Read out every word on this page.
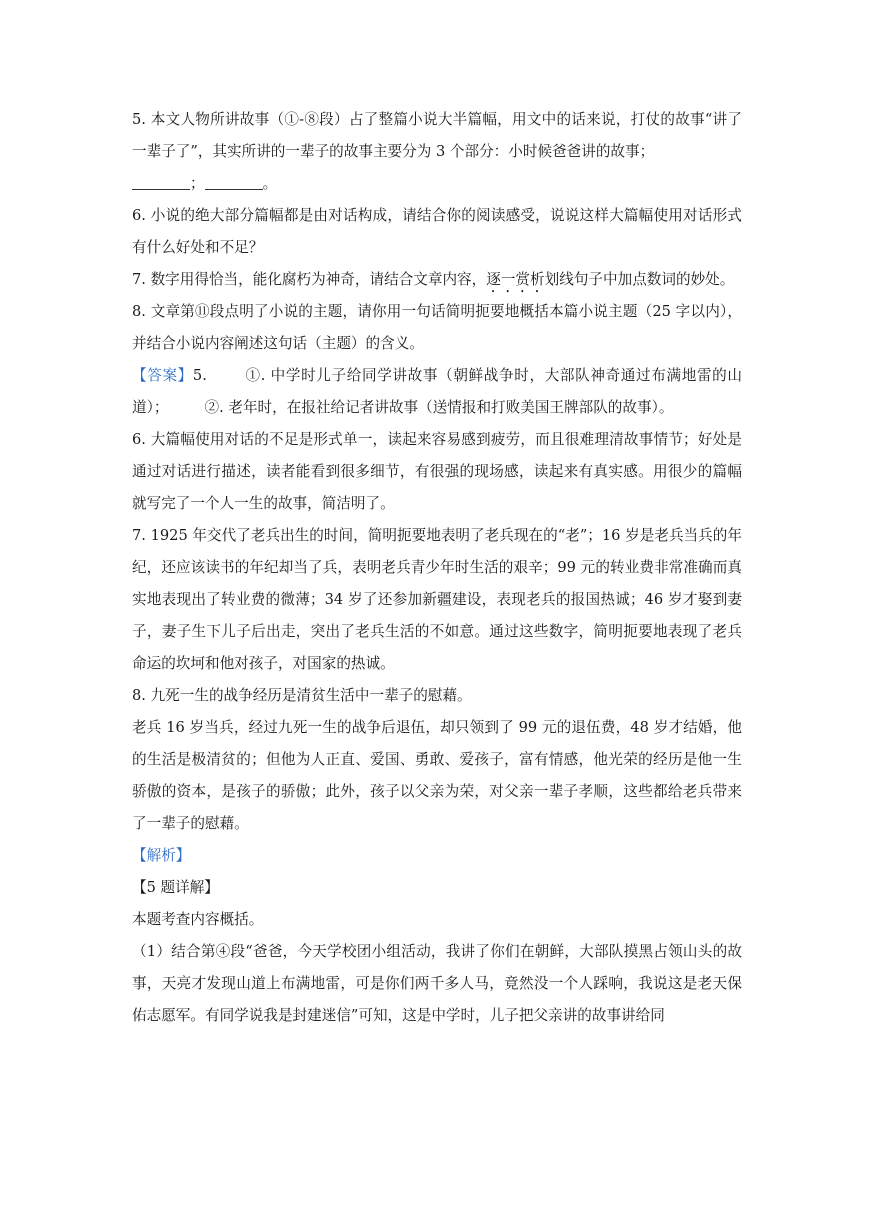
5. 本文人物所讲故事（①-⑧段）占了整篇小说大半篇幅，用文中的话来说，打仗的故事“讲了一辈子了”，其实所讲的一辈子的故事主要分为 3 个部分：小时候爸爸讲的故事；
；	。

6. 小说的绝大部分篇幅都是由对话构成，请结合你的阅读感受，说说这样大篇幅使用对话形式有什么好处和不足？

7. 数字用得恰当，能化腐朽为神奇，请结合文章内容，逐一赏析划线句子中加点数词的妙处。

8. 文章第⑪段点明了小说的主题，请你用一句话简明扼要地概括本篇小说主题（25 字以内），并结合小说内容阐述这句话（主题）的含义。

【答案】5.	①. 中学时儿子给同学讲故事（朝鲜战争时，大部队神奇通过布满地雷的山道）； ②. 老年时，在报社给记者讲故事（送情报和打败美国王牌部队的故事）。

6. 大篇幅使用对话的不足是形式单一，读起来容易感到疲劳，而且很难理清故事情节；好处是通过对话进行描述，读者能看到很多细节，有很强的现场感，读起来有真实感。用很少的篇幅就写完了一个人一生的故事，简洁明了。

7. 1925 年交代了老兵出生的时间，简明扼要地表明了老兵现在的“老”；16 岁是老兵当兵的年纪，还应该读书的年纪却当了兵，表明老兵青少年时生活的艰辛；99 元的转业费非常准确而真实地表现出了转业费的微薄；34 岁了还参加新疆建设，表现老兵的报国热诚；46 岁才娶到妻子，妻子生下儿子后出走，突出了老兵生活的不如意。通过这些数字，简明扼要地表现了老兵命运的坎坷和他对孩子，对国家的热诚。

8. 九死一生的战争经历是清贫生活中一辈子的慰藉。

老兵 16 岁当兵，经过九死一生的战争后退伍，却只领到了 99 元的退伍费，48 岁才结婚，他的生活是极清贫的；但他为人正直、爱国、勇敢、爱孩子，富有情感，他光荣的经历是他一生骄傲的资本，是孩子的骄傲；此外，孩子以父亲为荣，对父亲一辈子孝顺，这些都给老兵带来了一辈子的慰藉。

【解析】

【5 题详解】

本题考查内容概括。

（1）结合第④段“爸爸，今天学校团小组活动，我讲了你们在朝鲜，大部队摸黑占领山头的故事，天亮才发现山道上布满地雷，可是你们两千多人马，竟然没一个人踩响，我说这是老天保佑志愿军。有同学说我是封建迷信”可知，这是中学时，儿子把父亲讲的故事讲给同
